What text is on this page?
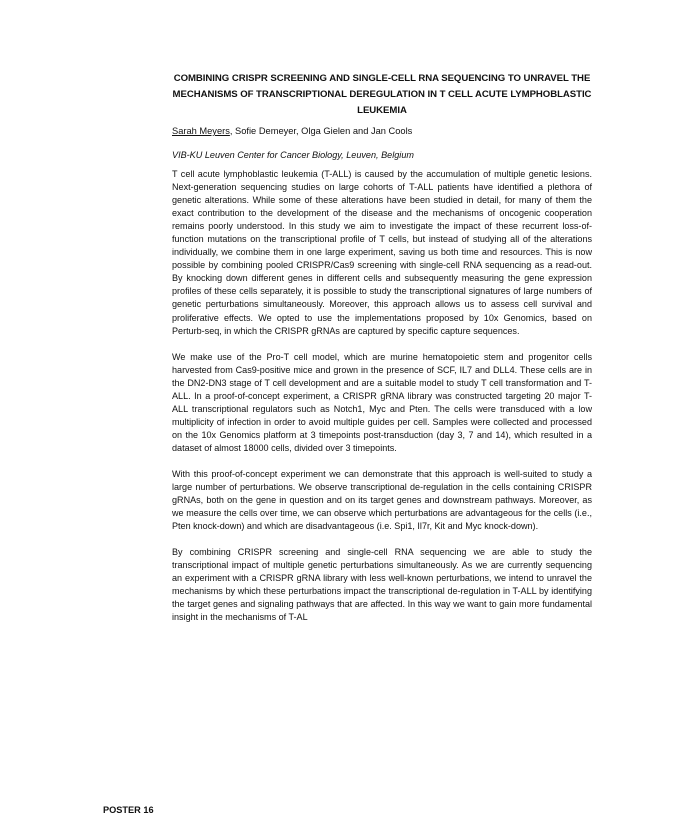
COMBINING CRISPR SCREENING AND SINGLE-CELL RNA SEQUENCING TO UNRAVEL THE MECHANISMS OF TRANSCRIPTIONAL DEREGULATION IN T CELL ACUTE LYMPHOBLASTIC LEUKEMIA

Sarah Meyers, Sofie Demeyer, Olga Gielen and Jan Cools

VIB-KU Leuven Center for Cancer Biology, Leuven, Belgium

T cell acute lymphoblastic leukemia (T-ALL) is caused by the accumulation of multiple genetic lesions. Next-generation sequencing studies on large cohorts of T-ALL patients have identified a plethora of genetic alterations. While some of these alterations have been studied in detail, for many of them the exact contribution to the development of the disease and the mechanisms of oncogenic cooperation remains poorly understood. In this study we aim to investigate the impact of these recurrent loss-of-function mutations on the transcriptional profile of T cells, but instead of studying all of the alterations individually, we combine them in one large experiment, saving us both time and resources. This is now possible by combining pooled CRISPR/Cas9 screening with single-cell RNA sequencing as a read-out. By knocking down different genes in different cells and subsequently measuring the gene expression profiles of these cells separately, it is possible to study the transcriptional signatures of large numbers of genetic perturbations simultaneously. Moreover, this approach allows us to assess cell survival and proliferative effects. We opted to use the implementations proposed by 10x Genomics, based on Perturb-seq, in which the CRISPR gRNAs are captured by specific capture sequences.

We make use of the Pro-T cell model, which are murine hematopoietic stem and progenitor cells harvested from Cas9-positive mice and grown in the presence of SCF, IL7 and DLL4. These cells are in the DN2-DN3 stage of T cell development and are a suitable model to study T cell transformation and T-ALL. In a proof-of-concept experiment, a CRISPR gRNA library was constructed targeting 20 major T-ALL transcriptional regulators such as Notch1, Myc and Pten. The cells were transduced with a low multiplicity of infection in order to avoid multiple guides per cell. Samples were collected and processed on the 10x Genomics platform at 3 timepoints post-transduction (day 3, 7 and 14), which resulted in a dataset of almost 18000 cells, divided over 3 timepoints.

With this proof-of-concept experiment we can demonstrate that this approach is well-suited to study a large number of perturbations. We observe transcriptional de-regulation in the cells containing CRISPR gRNAs, both on the gene in question and on its target genes and downstream pathways. Moreover, as we measure the cells over time, we can observe which perturbations are advantageous for the cells (i.e., Pten knock-down) and which are disadvantageous (i.e. Spi1, Il7r, Kit and Myc knock-down).

By combining CRISPR screening and single-cell RNA sequencing we are able to study the transcriptional impact of multiple genetic perturbations simultaneously. As we are currently sequencing an experiment with a CRISPR gRNA library with less well-known perturbations, we intend to unravel the mechanisms by which these perturbations impact the transcriptional de-regulation in T-ALL by identifying the target genes and signaling pathways that are affected. In this way we want to gain more fundamental insight in the mechanisms of T-AL

POSTER 16
